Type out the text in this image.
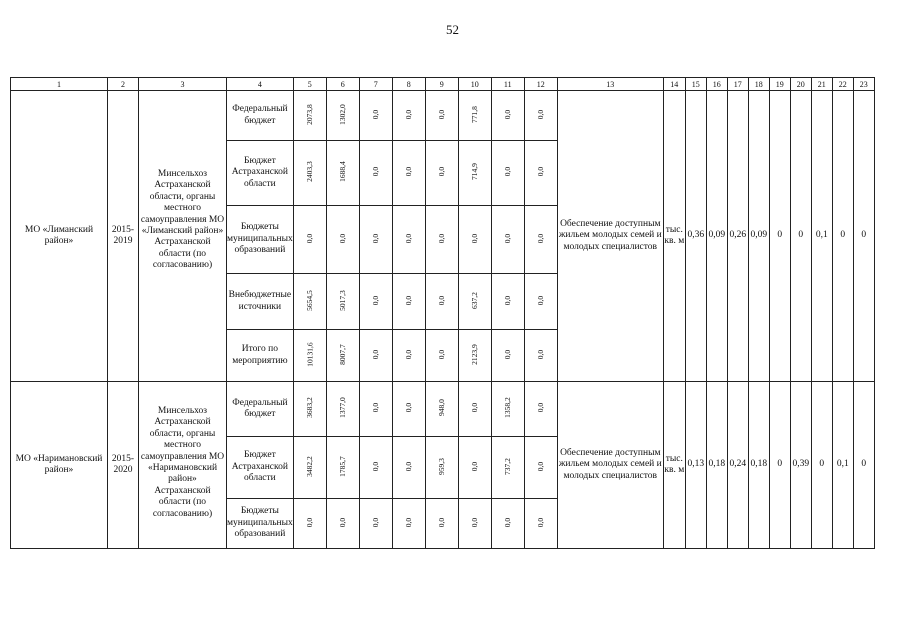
52
1	2	3	4	5	6	7	8	9	10	11	12	13	14	15	16	17	18	19	20	21	22	23
МО «Лиманский район»	2015-2019	Минсельхоз Астраханской области, органы местного самоуправления МО «Лиманский район» Астраханской области (по согласованию)	Федеральный бюджет	2073,8	1302,0	0,0	0,0	0,0	771,8	0,0	0,0	Обеспечение доступным жильем молодых семей и молодых специалистов	тыс. кв. м	0,36	0,09	0,26	0,09	0	0	0,1	0	0
			Бюджет Астраханской области	2403,3	1688,4	0,0	0,0	0,0	714,9	0,0	0,0											
			Бюджеты муниципальных образований	0,0	0,0	0,0	0,0	0,0	0,0	0,0	0,0											
			Внебюджетные источники	5654,5	5017,3	0,0	0,0	0,0	637,2	0,0	0,0											
			Итого по мероприятию	10131,6	8007,7	0,0	0,0	0,0	2123,9	0,0	0,0											
МО «Наримановский район»	2015-2020	Минсельхоз Астраханской области, органы местного самоуправления МО «Наримановский район» Астраханской области (по согласованию)	Федеральный бюджет	3683,2	1377,0	0,0	0,0	948,0	0,0	1358,2	0,0	Обеспечение доступным жильем молодых семей и молодых специалистов	тыс. кв. м	0,13	0,18	0,24	0,18	0	0,39	0	0,1	0
			Бюджет Астраханской области	3482,2	1785,7	0,0	0,0	959,3	0,0	737,2	0,0											
			Бюджеты муниципальных образований	0,0	0,0	0,0	0,0	0,0	0,0	0,0	0,0											
